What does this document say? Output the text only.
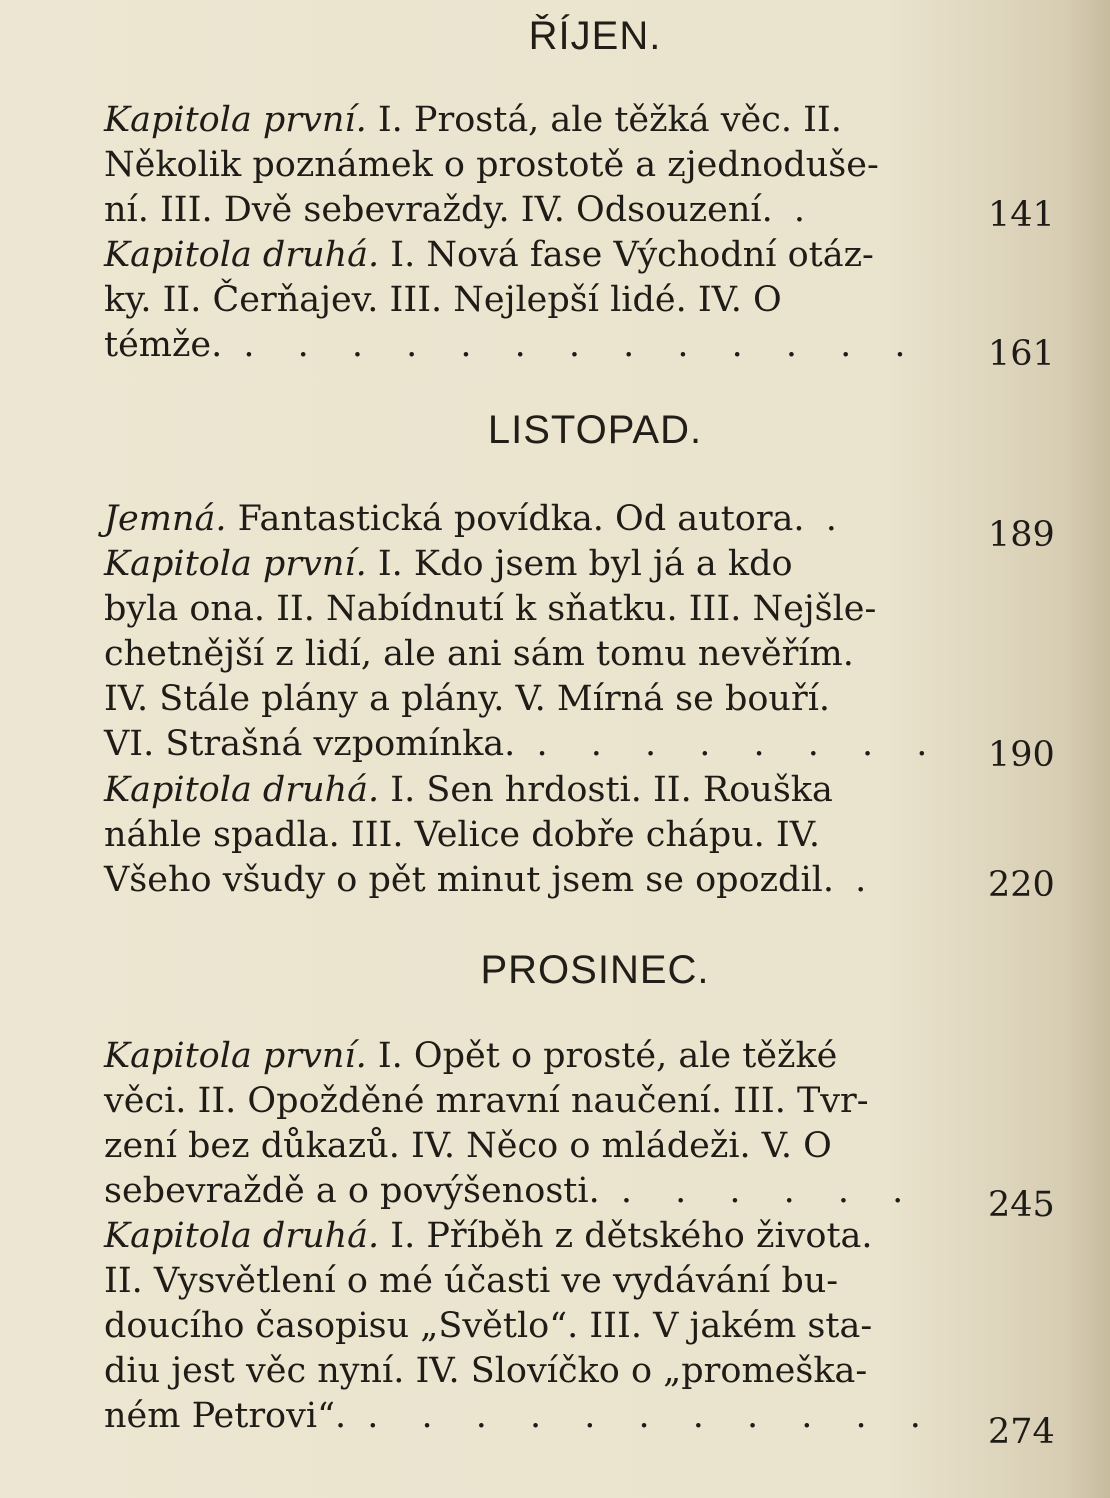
ŘÍJEN.
Kapitola první. I. Prostá, ale těžká věc. II.
Několik poznámek o prostotě a zjednoduše-
ní. III. Dvě sebevraždy. IV. Odsouzení. .	141
Kapitola druhá. I. Nová fase Východní otáz-
ky. II. Čerňajev. III. Nejlepší lidé. IV. O
témže. . . . . . . . . . . . . .	161
LISTOPAD.
Jemná. Fantastická povídka. Od autora. .	189
Kapitola první. I. Kdo jsem byl já a kdo
byla ona. II. Nabídnutí k sňatku. III. Nejšle-
chetnější z lidí, ale ani sám tomu nevěřím.
IV. Stále plány a plány. V. Mírná se bouří.
VI. Strašná vzpomínka. . . . . . . . .	190
Kapitola druhá. I. Sen hrdosti. II. Rouška
náhle spadla. III. Velice dobře chápu. IV.
Všeho všudy o pět minut jsem se opozdil. .	220
PROSINEC.
Kapitola první. I. Opět o prosté, ale těžké
věci. II. Opožděné mravní naučení. III. Tvr-
zení bez důkazů. IV. Něco o mládeži. V. O
sebevraždě a o povýšenosti. . . . . . .	245
Kapitola druhá. I. Příběh z dětského života.
II. Vysvětlení o mé účasti ve vydávání bu-
doucího časopisu „Světlo“. III. V jakém sta-
diu jest věc nyní. IV. Slovíčko o „promeška-
ném Petrovi“. . . . . . . . . . . .	274
